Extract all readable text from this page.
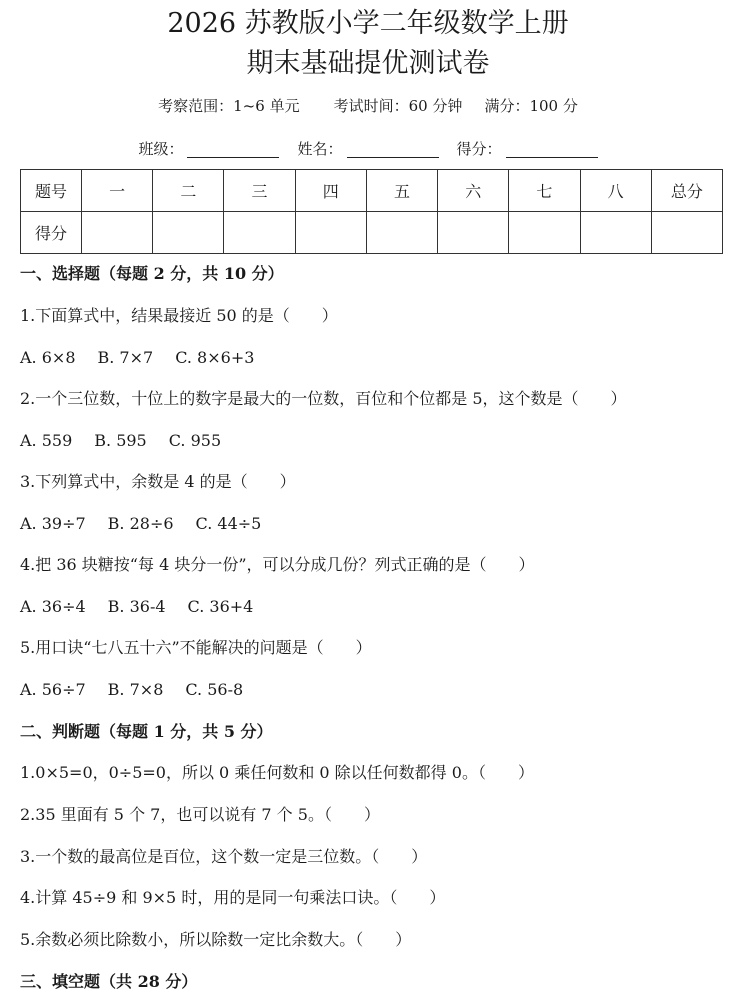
2026 苏教版小学二年级数学上册
期末基础提优测试卷
考察范围：1~6 单元 考试时间：60 分钟 满分：100 分
班级：	姓名：	得分：
题号	一	二	三	四	五	六	七	八	总分
得分									
一、选择题（每题 2 分，共 10 分）
1.下面算式中，结果最接近 50 的是（　　）
A. 6×8 B. 7×7 C. 8×6+3
2.一个三位数，十位上的数字是最大的一位数，百位和个位都是 5，这个数是（　　）
A. 559 B. 595 C. 955
3.下列算式中，余数是 4 的是（　　）
A. 39÷7 B. 28÷6 C. 44÷5
4.把 36 块糖按“每 4 块分一份”，可以分成几份？列式正确的是（　　）
A. 36÷4 B. 36-4 C. 36+4
5.用口诀“七八五十六”不能解决的问题是（　　）
A. 56÷7 B. 7×8 C. 56-8
二、判断题（每题 1 分，共 5 分）
1.0×5=0，0÷5=0，所以 0 乘任何数和 0 除以任何数都得 0。（　　）
2.35 里面有 5 个 7，也可以说有 7 个 5。（　　）
3.一个数的最高位是百位，这个数一定是三位数。（　　）
4.计算 45÷9 和 9×5 时，用的是同一句乘法口诀。（　　）
5.余数必须比除数小，所以除数一定比余数大。（　　）
三、填空题（共 28 分）
